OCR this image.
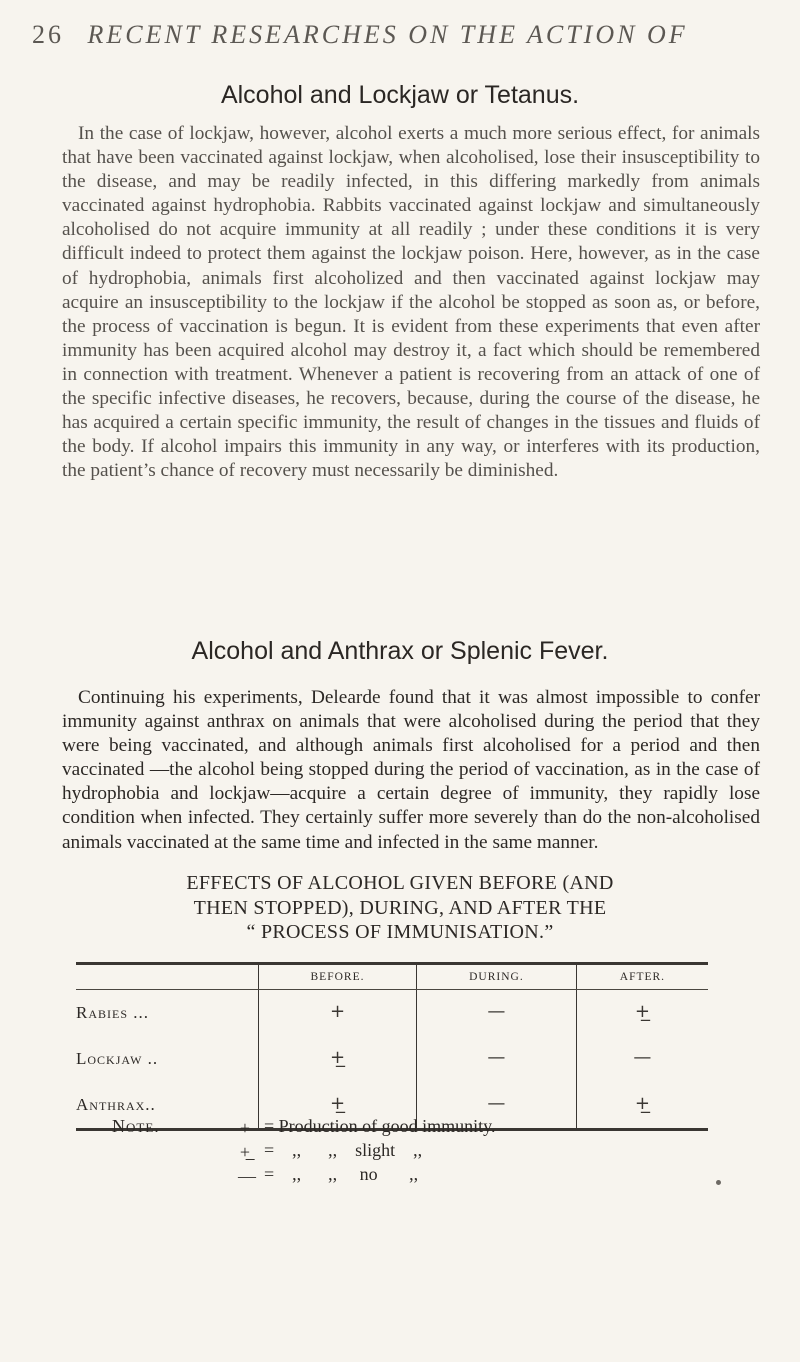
26 RECENT RESEARCHES ON THE ACTION OF
Alcohol and Lockjaw or Tetanus.

In the case of lockjaw, however, alcohol exerts a much more serious effect, for animals that have been vaccinated against lockjaw, when alcoholised, lose their insusceptibility to the disease, and may be readily infected, in this differing markedly from animals vaccinated against hydrophobia. Rabbits vaccinated against lockjaw and simultaneously alcoholised do not acquire immunity at all readily ; under these conditions it is very difficult indeed to protect them against the lockjaw poison. Here, however, as in the case of hydrophobia, animals first alcoholized and then vaccinated against lockjaw may acquire an insusceptibility to the lockjaw if the alcohol be stopped as soon as, or before, the process of vaccination is begun. It is evident from these experiments that even after immunity has been acquired alcohol may destroy it, a fact which should be remembered in connection with treatment. Whenever a patient is recovering from an attack of one of the specific infective diseases, he recovers, because, during the course of the disease, he has acquired a certain specific immunity, the result of changes in the tissues and fluids of the body. If alcohol impairs this immunity in any way, or interferes with its production, the patient’s chance of recovery must necessarily be diminished.

Alcohol and Anthrax or Splenic Fever.

Continuing his experiments, Delearde found that it was almost impossible to confer immunity against anthrax on animals that were alcoholised during the period that they were being vaccinated, and although animals first alcoholised for a period and then vaccinated —the alcohol being stopped during the period of vaccination, as in the case of hydrophobia and lockjaw—acquire a certain degree of immunity, they rapidly lose condition when infected. They certainly suffer more severely than do the non-alcoholised animals vaccinated at the same time and infected in the same manner.

EFFECTS OF ALCOHOL GIVEN BEFORE (AND
THEN STOPPED), DURING, AND AFTER THE
“ PROCESS OF IMMUNISATION.”
	BEFORE.	DURING.	AFTER.
Rabies ...	+	—	+̲
Lockjaw ..	+̲	—	—
Anthrax..	+̲	—	+̲
Note.	+ = Production of good immunity.
+̲ =    ,,      ,,    slight    ,,
— =    ,,      ,,     no       ,,
